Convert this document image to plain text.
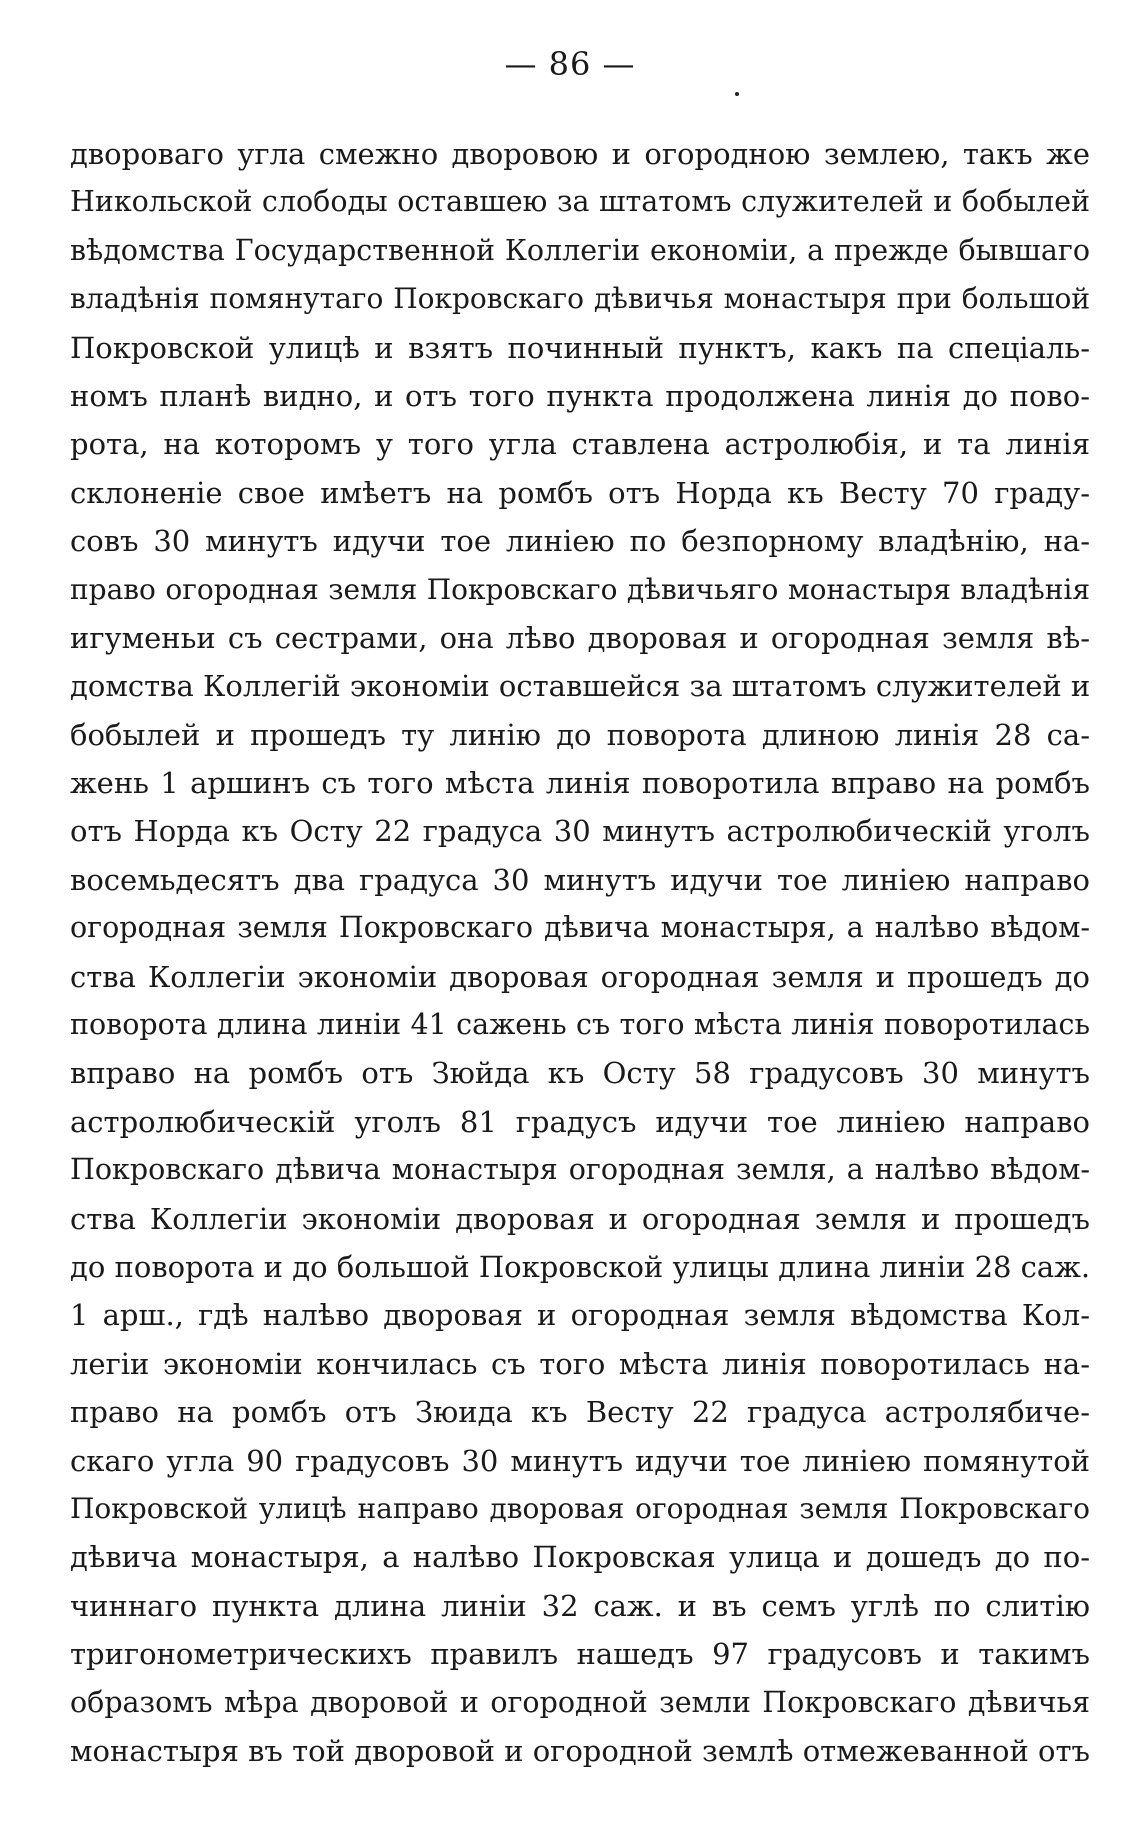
— 86 —
двороваго угла смежно дворовою и огородною землею, такъ же
Никольской слободы оставшею за штатомъ служителей и бобылей
вѣдомства Государственной Коллегіи економіи, а прежде бывшаго
владѣнія помянутаго Покровскаго дѣвичья монастыря при большой
Покровской улицѣ и взятъ починный пунктъ, какъ па спеціаль-
номъ планѣ видно, и отъ того пункта продолжена линія до пово-
рота, на которомъ у того угла ставлена астролюбія, и та линія
склоненіе свое имѣетъ на ромбъ отъ Норда къ Весту 70 граду-
совъ 30 минутъ идучи тое линіею по безпорному владѣнію, на-
право огородная земля Покровскаго дѣвичьяго монастыря владѣнія
игуменьи съ сестрами, она лѣво дворовая и огородная земля вѣ-
домства Коллегій экономіи оставшейся за штатомъ служителей и
бобылей и прошедъ ту линію до поворота длиною линія 28 са-
жень 1 аршинъ съ того мѣста линія поворотила вправо на ромбъ
отъ Норда къ Осту 22 градуса 30 минутъ астролюбическій уголъ
восемьдесятъ два градуса 30 минутъ идучи тое линіею направо
огородная земля Покровскаго дѣвича монастыря, а налѣво вѣдом-
ства Коллегіи экономіи дворовая огородная земля и прошедъ до
поворота длина линіи 41 сажень съ того мѣста линія поворотилась
вправо на ромбъ отъ Зюйда къ Осту 58 градусовъ 30 минутъ
астролюбическій уголъ 81 градусъ идучи тое линіею направо
Покровскаго дѣвича монастыря огородная земля, а налѣво вѣдом-
ства Коллегіи экономіи дворовая и огородная земля и прошедъ
до поворота и до большой Покровской улицы длина линіи 28 саж.
1 арш., гдѣ налѣво дворовая и огородная земля вѣдомства Кол-
легіи экономіи кончилась съ того мѣста линія поворотилась на-
право на ромбъ отъ Зюида къ Весту 22 градуса астролябиче-
скаго угла 90 градусовъ 30 минутъ идучи тое линіею помянутой
Покровской улицѣ направо дворовая огородная земля Покровскаго
дѣвича монастыря, а налѣво Покровская улица и дошедъ до по-
чиннаго пункта длина линіи 32 саж. и въ семъ углѣ по слитію
тригонометрическихъ правилъ нашедъ 97 градусовъ и такимъ
образомъ мѣра дворовой и огородной земли Покровскаго дѣвичья
монастыря въ той дворовой и огородной землѣ отмежеванной отъ
